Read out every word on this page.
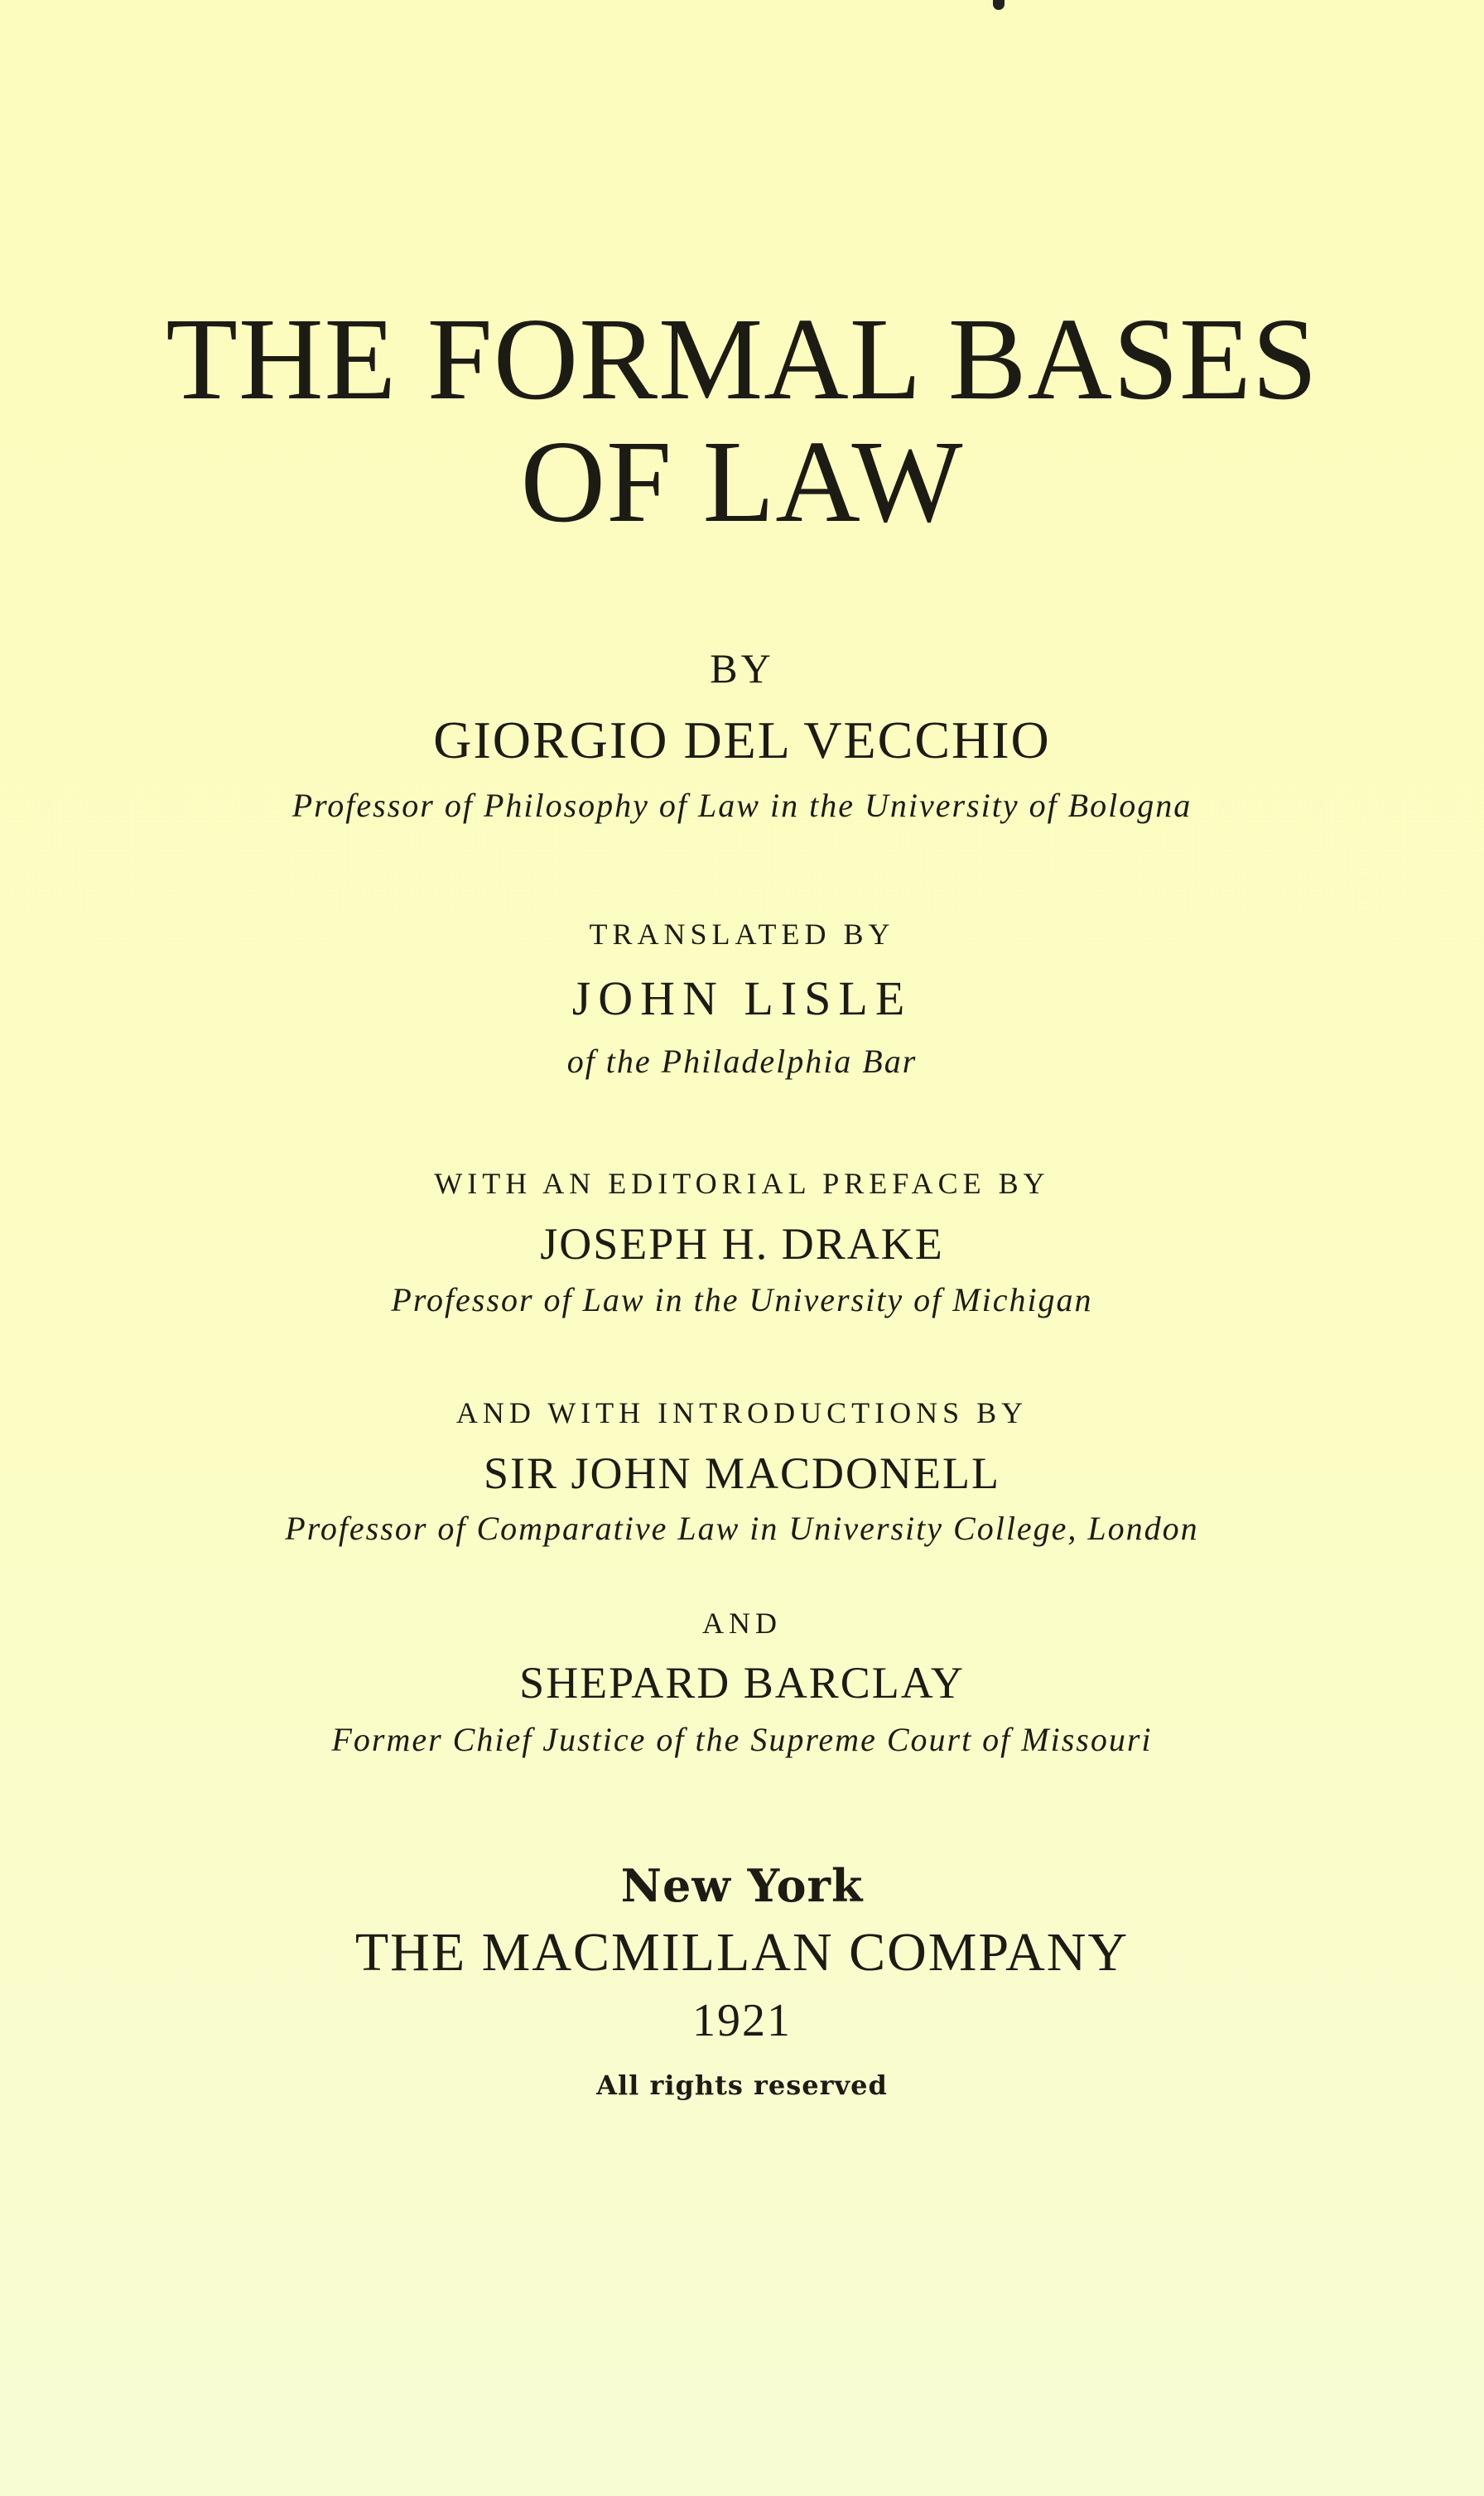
THE FORMAL BASES
OF LAW
BY
GIORGIO DEL VECCHIO
Professor of Philosophy of Law in the University of Bologna
TRANSLATED BY
JOHN LISLE
of the Philadelphia Bar
WITH AN EDITORIAL PREFACE BY
JOSEPH H. DRAKE
Professor of Law in the University of Michigan
AND WITH INTRODUCTIONS BY
SIR JOHN MACDONELL
Professor of Comparative Law in University College, London
AND
SHEPARD BARCLAY
Former Chief Justice of the Supreme Court of Missouri
New York
THE MACMILLAN COMPANY
1921
All rights reserved
